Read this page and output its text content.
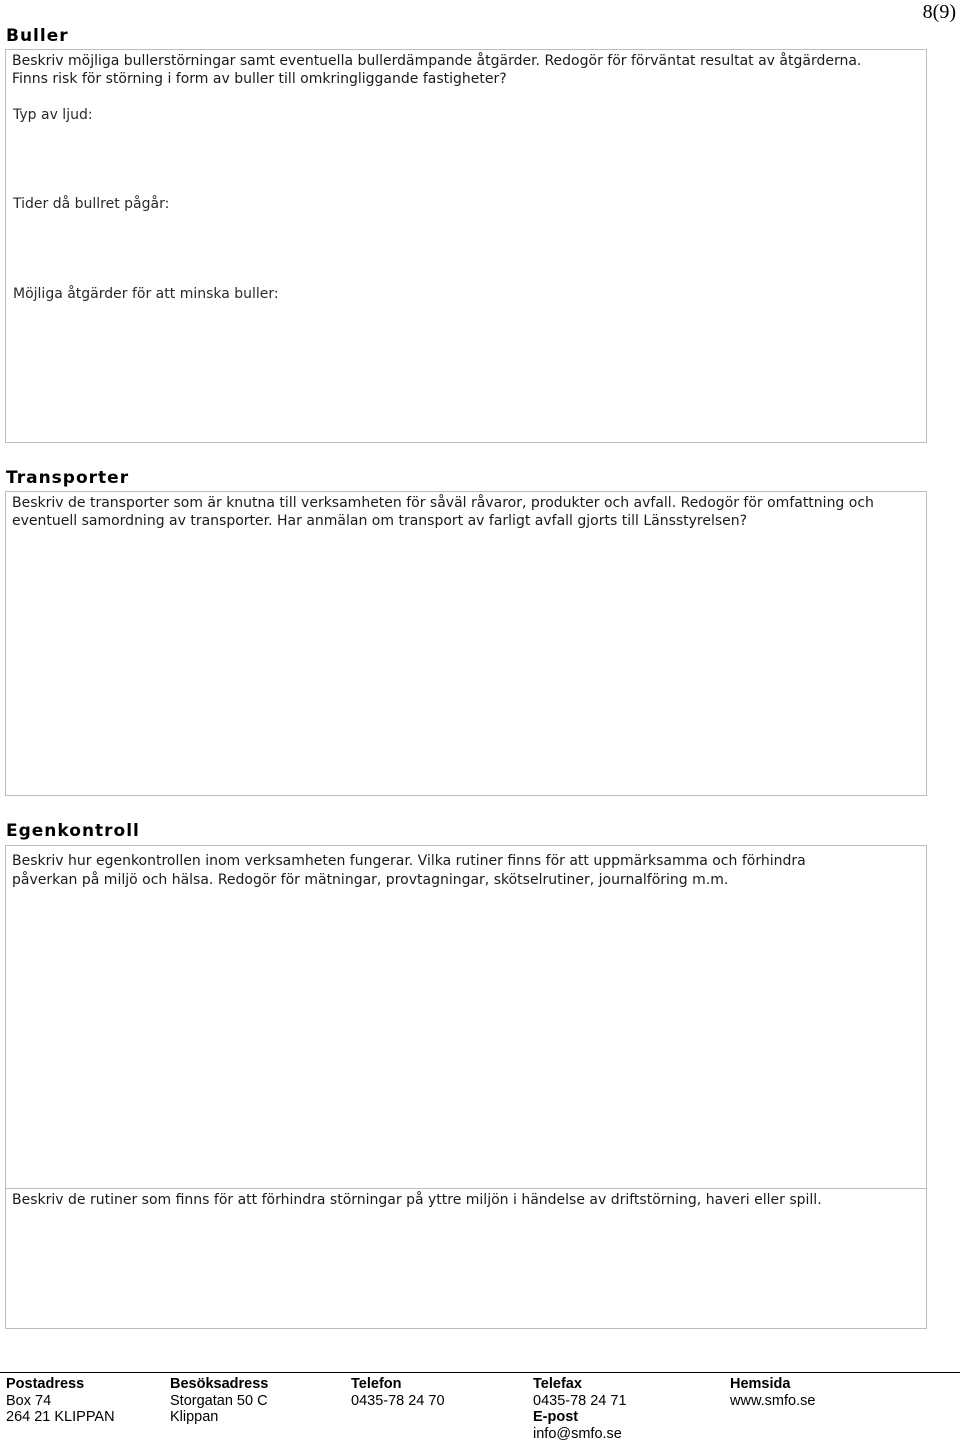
8(9)
Buller

Beskriv möjliga bullerstörningar samt eventuella bullerdämpande åtgärder. Redogör för förväntat resultat av åtgärderna.

Finns risk för störning i form av buller till omkringliggande fastigheter?

Typ av ljud:

Tider då bullret pågår:

Möjliga åtgärder för att minska buller:

Transporter

Beskriv de transporter som är knutna till verksamheten för såväl råvaror, produkter och avfall. Redogör för omfattning och

eventuell samordning av transporter. Har anmälan om transport av farligt avfall gjorts till Länsstyrelsen?

Egenkontroll

Beskriv hur egenkontrollen inom verksamheten fungerar. Vilka rutiner finns för att uppmärksamma och förhindra

påverkan på miljö och hälsa. Redogör för mätningar, provtagningar, skötselrutiner, journalföring m.m.

Beskriv de rutiner som finns för att förhindra störningar på yttre miljön i händelse av driftstörning, haveri eller spill.

Postadress
Box 74
264 21 KLIPPAN
Besöksadress
Storgatan 50 C
Klippan
Telefon
0435-78 24 70
Telefax
0435-78 24 71
E-post
info@smfo.se
Hemsida
www.smfo.se
